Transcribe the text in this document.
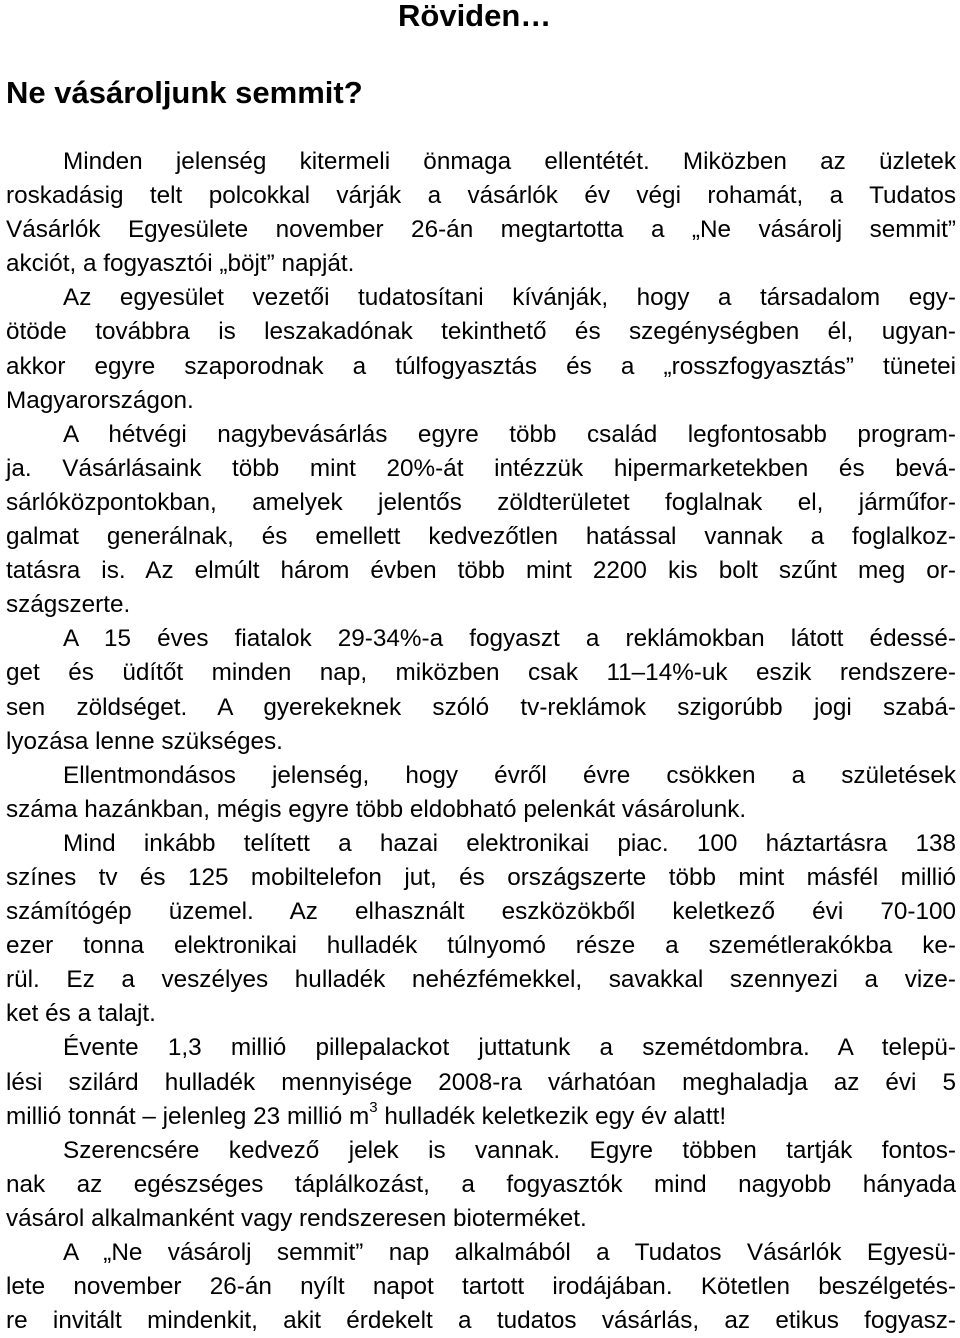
Röviden…
Ne vásároljunk semmit?
Minden jelenség kitermeli önmaga ellentétét. Miközben az üzletek
roskadásig telt polcokkal várják a vásárlók év végi rohamát, a Tudatos
Vásárlók Egyesülete november 26-án megtartotta a „Ne vásárolj semmit”
akciót, a fogyasztói „böjt” napját.
Az egyesület vezetői tudatosítani kívánják, hogy a társadalom egy-
ötöde továbbra is leszakadónak tekinthető és szegénységben él, ugyan-
akkor egyre szaporodnak a túlfogyasztás és a „rosszfogyasztás” tünetei
Magyarországon.
A hétvégi nagybevásárlás egyre több család legfontosabb program-
ja. Vásárlásaink több mint 20%-át intézzük hipermarketekben és bevá-
sárlóközpontokban, amelyek jelentős zöldterületet foglalnak el, járműfor-
galmat generálnak, és emellett kedvezőtlen hatással vannak a foglalkoz-
tatásra is. Az elmúlt három évben több mint 2200 kis bolt szűnt meg or-
szágszerte.
A 15 éves fiatalok 29-34%-a fogyaszt a reklámokban látott édessé-
get és üdítőt minden nap, miközben csak 11–14%-uk eszik rendszere-
sen zöldséget. A gyerekeknek szóló tv-reklámok szigorúbb jogi szabá-
lyozása lenne szükséges.
Ellentmondásos jelenség, hogy évről évre csökken a születések
száma hazánkban, mégis egyre több eldobható pelenkát vásárolunk.
Mind inkább telített a hazai elektronikai piac. 100 háztartásra 138
színes tv és 125 mobiltelefon jut, és országszerte több mint másfél millió
számítógép üzemel. Az elhasznált eszközökből keletkező évi 70-100
ezer tonna elektronikai hulladék túlnyomó része a szemétlerakókba ke-
rül. Ez a veszélyes hulladék nehézfémekkel, savakkal szennyezi a vize-
ket és a talajt.
Évente 1,3 millió pillepalackot juttatunk a szemétdombra. A telepü-
lési szilárd hulladék mennyisége 2008-ra várhatóan meghaladja az évi 5
millió tonnát – jelenleg 23 millió $m^3$ hulladék keletkezik egy év alatt!
Szerencsére kedvező jelek is vannak. Egyre többen tartják fontos-
nak az egészséges táplálkozást, a fogyasztók mind nagyobb hányada
vásárol alkalmanként vagy rendszeresen bioterméket.
A „Ne vásárolj semmit” nap alkalmából a Tudatos Vásárlók Egyesü-
lete november 26-án nyílt napot tartott irodájában. Kötetlen beszélgetés-
re invitált mindenkit, akit érdekelt a tudatos vásárlás, az etikus fogyasz-
